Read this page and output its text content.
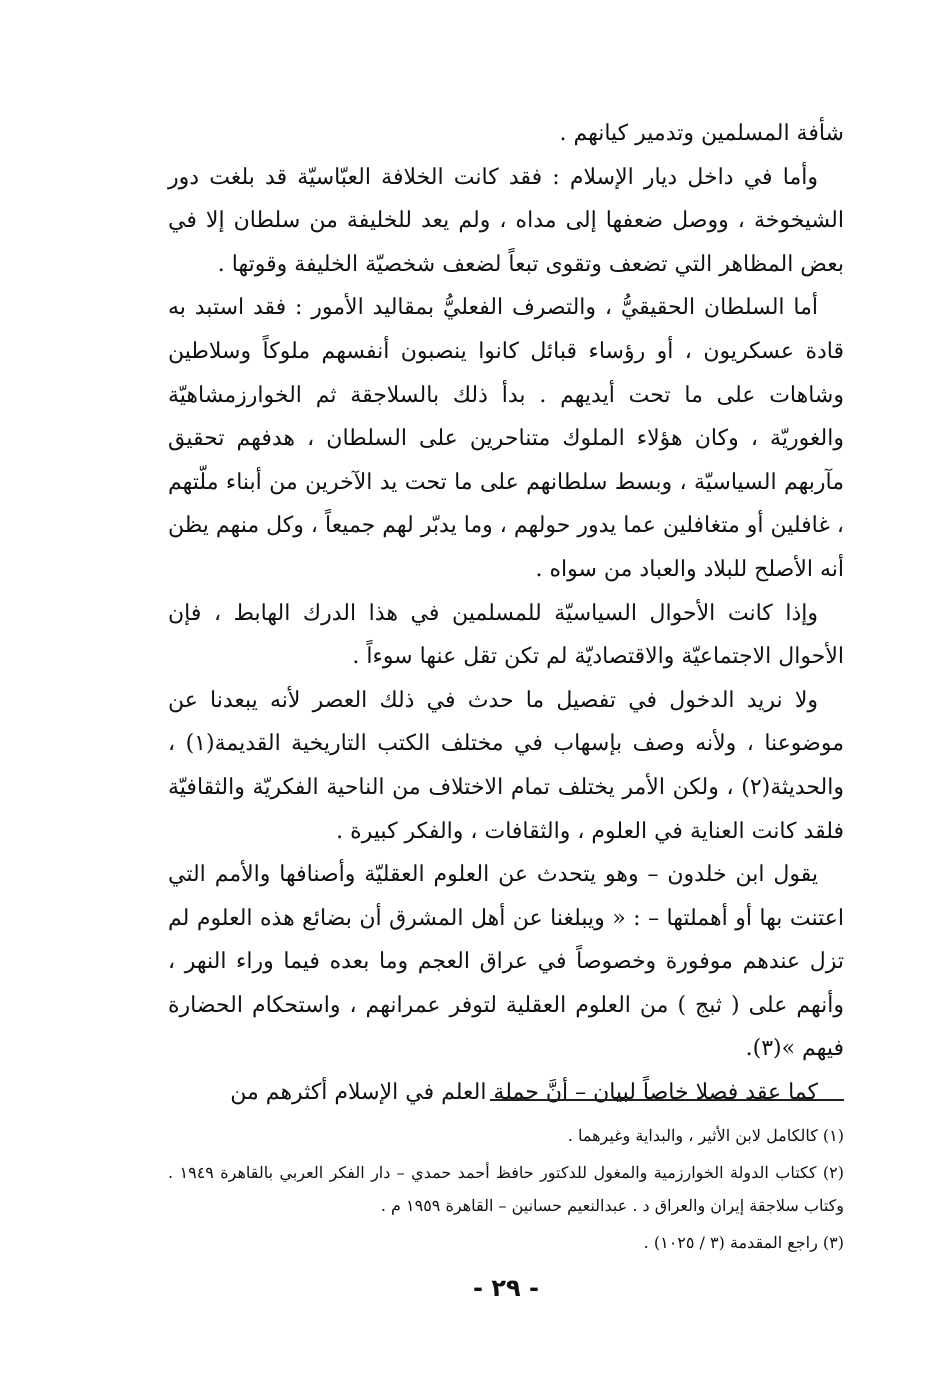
شأفة المسلمين وتدمير كيانهم .

وأما في داخل ديار الإسلام : فقد كانت الخلافة العبّاسيّة قد بلغت دور الشيخوخة ، ووصل ضعفها إلى مداه ، ولم يعد للخليفة من سلطان إلا في بعض المظاهر التي تضعف وتقوى تبعاً لضعف شخصيّة الخليفة وقوتها .

أما السلطان الحقيقيُّ ، والتصرف الفعليُّ بمقاليد الأمور : فقد استبد به قادة عسكريون ، أو رؤساء قبائل كانوا ينصبون أنفسهم ملوكاً وسلاطين وشاهات على ما تحت أيديهم . بدأ ذلك بالسلاجقة ثم الخوارزمشاهيّة والغوريّة ، وكان هؤلاء الملوك متناحرين على السلطان ، هدفهم تحقيق مآربهم السياسيّة ، وبسط سلطانهم على ما تحت يد الآخرين من أبناء ملّتهم ، غافلين أو متغافلين عما يدور حولهم ، وما يدبّر لهم جميعاً ، وكل منهم يظن أنه الأصلح للبلاد والعباد من سواه .

وإذا كانت الأحوال السياسيّة للمسلمين في هذا الدرك الهابط ، فإن الأحوال الاجتماعيّة والاقتصاديّة لم تكن تقل عنها سوءاً .

ولا نريد الدخول في تفصيل ما حدث في ذلك العصر لأنه يبعدنا عن موضوعنا ، ولأنه وصف بإسهاب في مختلف الكتب التاريخية القديمة(١) ، والحديثة(٢) ، ولكن الأمر يختلف تمام الاختلاف من الناحية الفكريّة والثقافيّة فلقد كانت العناية في العلوم ، والثقافات ، والفكر كبيرة .

يقول ابن خلدون – وهو يتحدث عن العلوم العقليّة وأصنافها والأمم التي اعتنت بها أو أهملتها – : « ويبلغنا عن أهل المشرق أن بضائع هذه العلوم لم تزل عندهم موفورة وخصوصاً في عراق العجم وما بعده فيما وراء النهر ، وأنهم على ( ثبج ) من العلوم العقلية لتوفر عمرانهم ، واستحكام الحضارة فيهم »(٣).

كما عقد فصلا خاصاً لبيان – أنَّ حملة العلم في الإسلام أكثرهم من

(١) كالكامل لابن الأثير ، والبداية وغيرهما .

(٢) ككتاب الدولة الخوارزمية والمغول للدكتور حافظ أحمد حمدي – دار الفكر العربي بالقاهرة ١٩٤٩ . وكتاب سلاجقة إيران والعراق د . عبدالنعيم حسانين – القاهرة ١٩٥٩ م .

(٣) راجع المقدمة (٣ / ١٠٢٥) .

- ٢٩ -
